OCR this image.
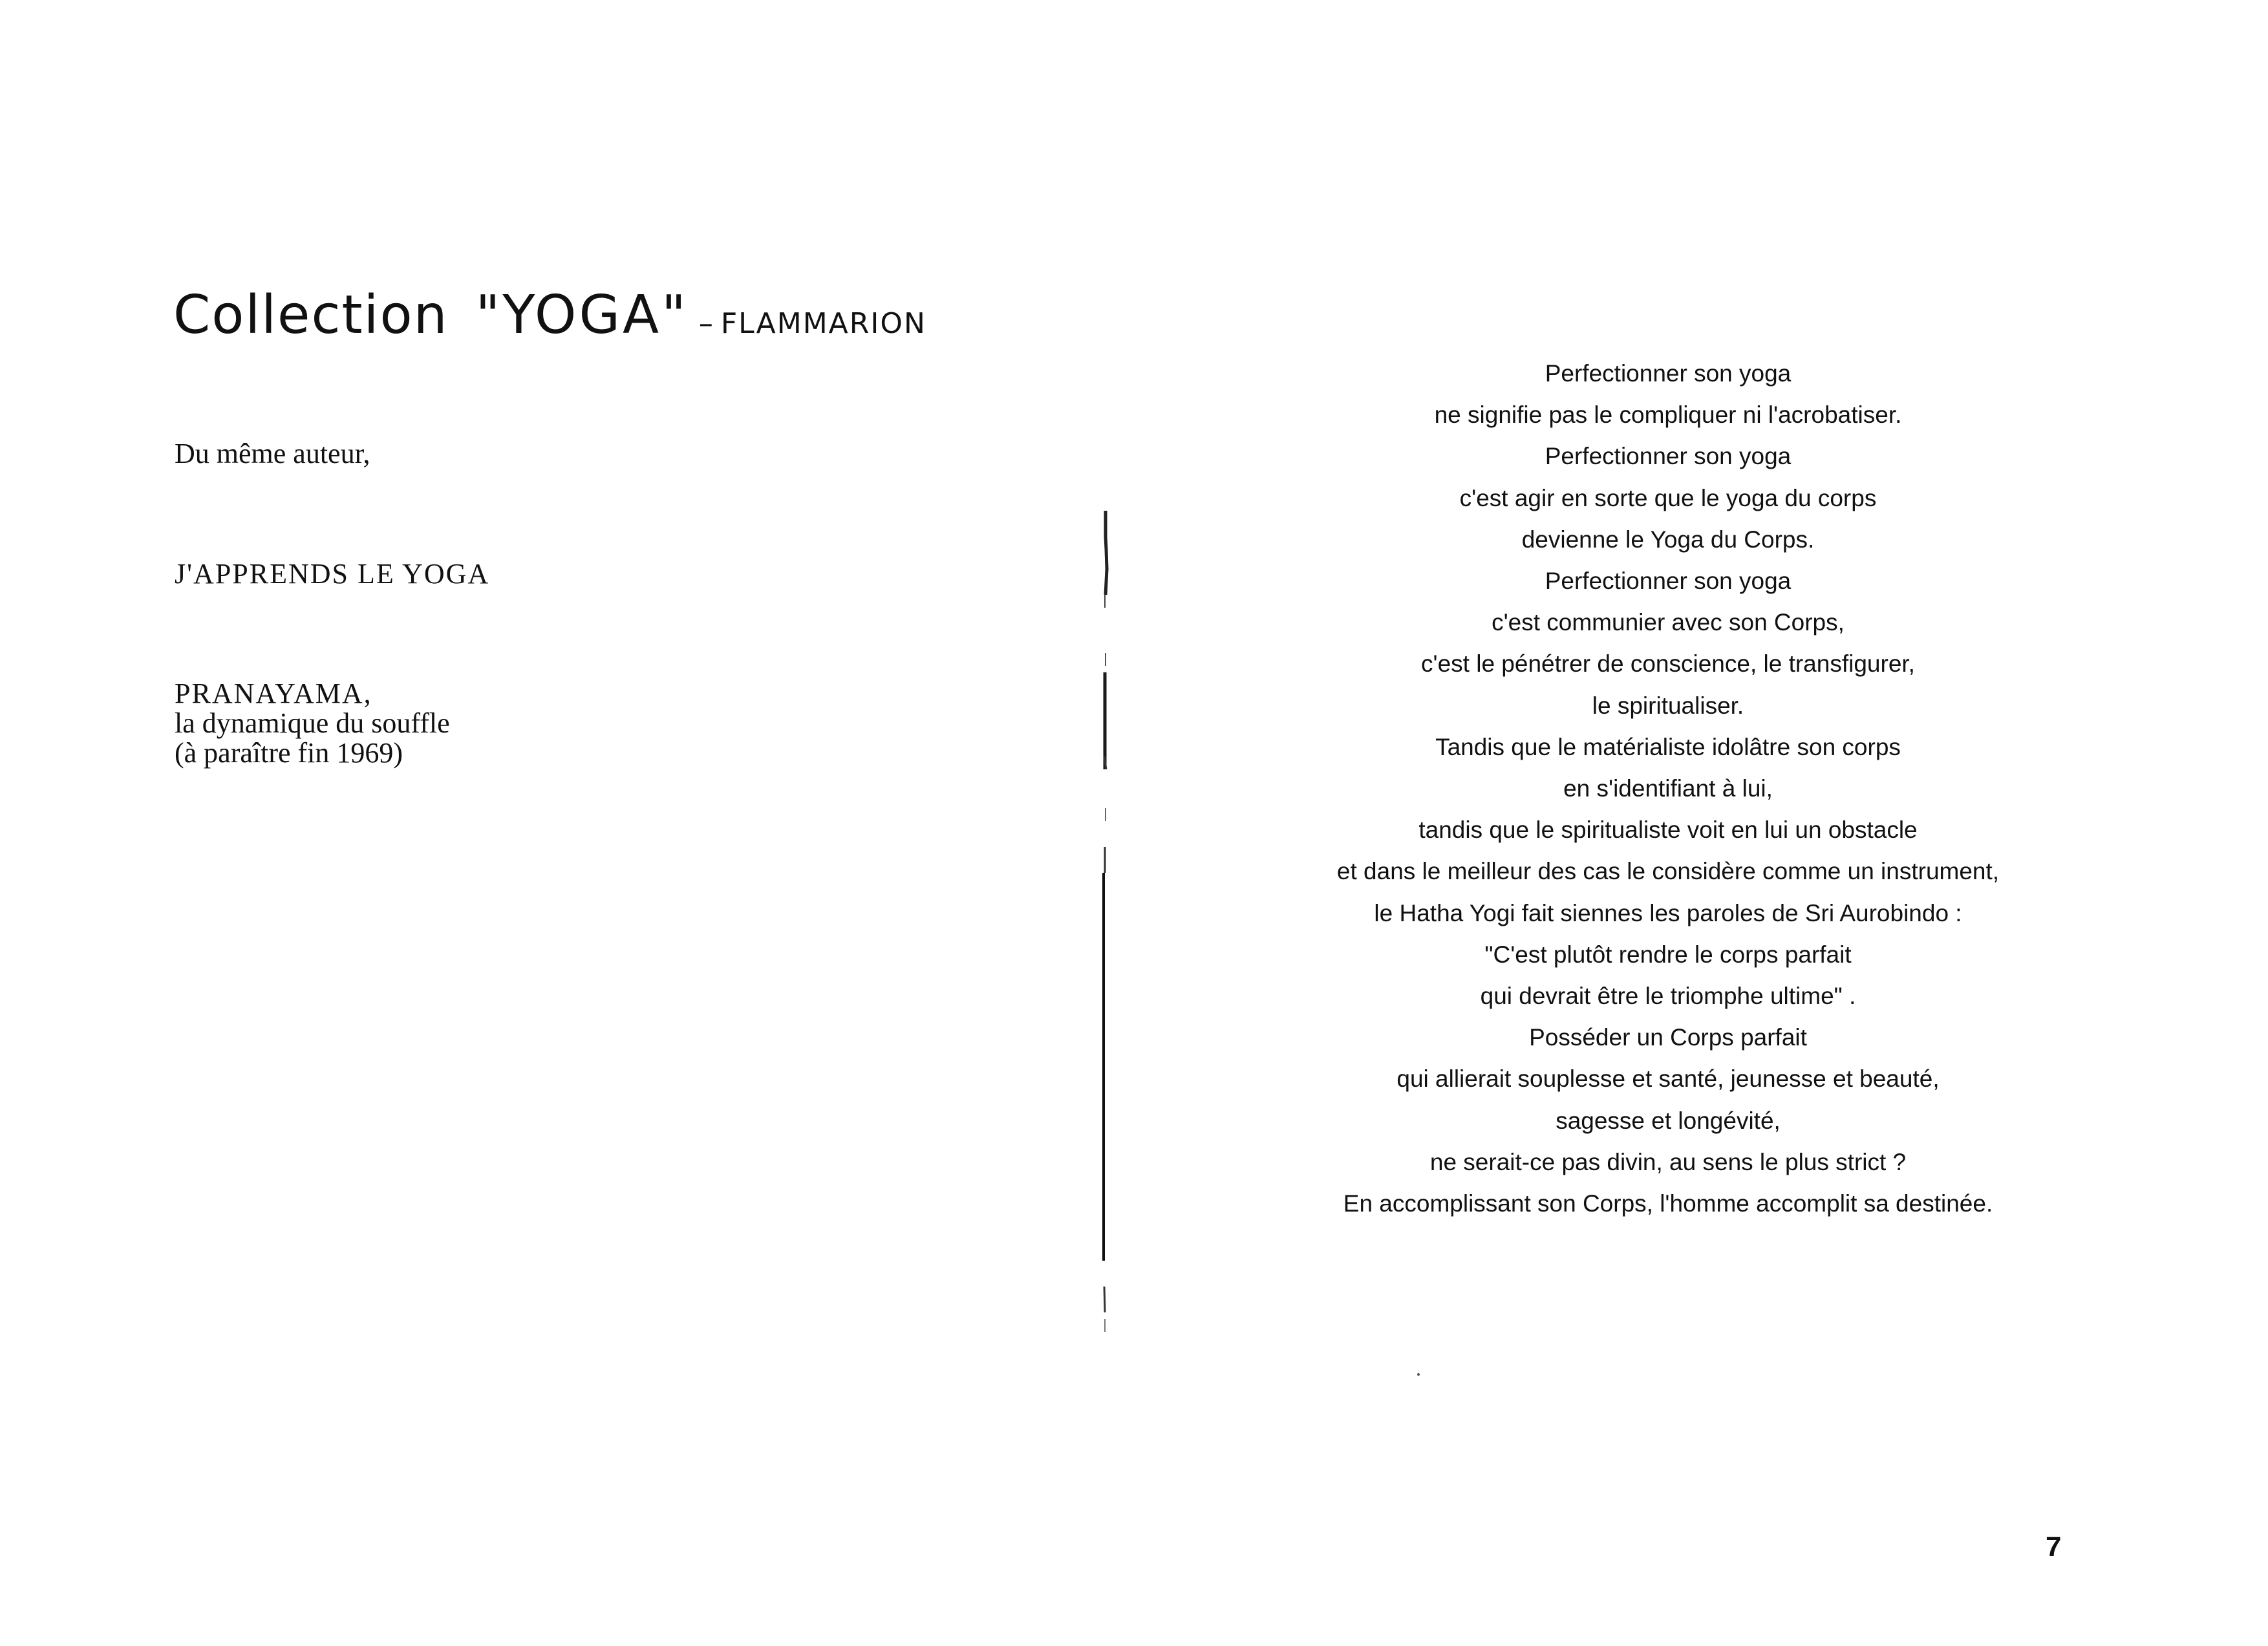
Collection "YOGA" – FLAMMARION
Du même auteur,
J'APPRENDS LE YOGA
PRANAYAMA,
la dynamique du souffle
(à paraître fin 1969)
Perfectionner son yoga
ne signifie pas le compliquer ni l'acrobatiser.
Perfectionner son yoga
c'est agir en sorte que le yoga du corps
devienne le Yoga du Corps.
Perfectionner son yoga
c'est communier avec son Corps,
c'est le pénétrer de conscience, le transfigurer,
le spiritualiser.
Tandis que le matérialiste idolâtre son corps
en s'identifiant à lui,
tandis que le spiritualiste voit en lui un obstacle
et dans le meilleur des cas le considère comme un instrument,
le Hatha Yogi fait siennes les paroles de Sri Aurobindo :
"C'est plutôt rendre le corps parfait
qui devrait être le triomphe ultime" .
Posséder un Corps parfait
qui allierait souplesse et santé, jeunesse et beauté,
sagesse et longévité,
ne serait-ce pas divin, au sens le plus strict ?
En accomplissant son Corps, l'homme accomplit sa destinée.
7
